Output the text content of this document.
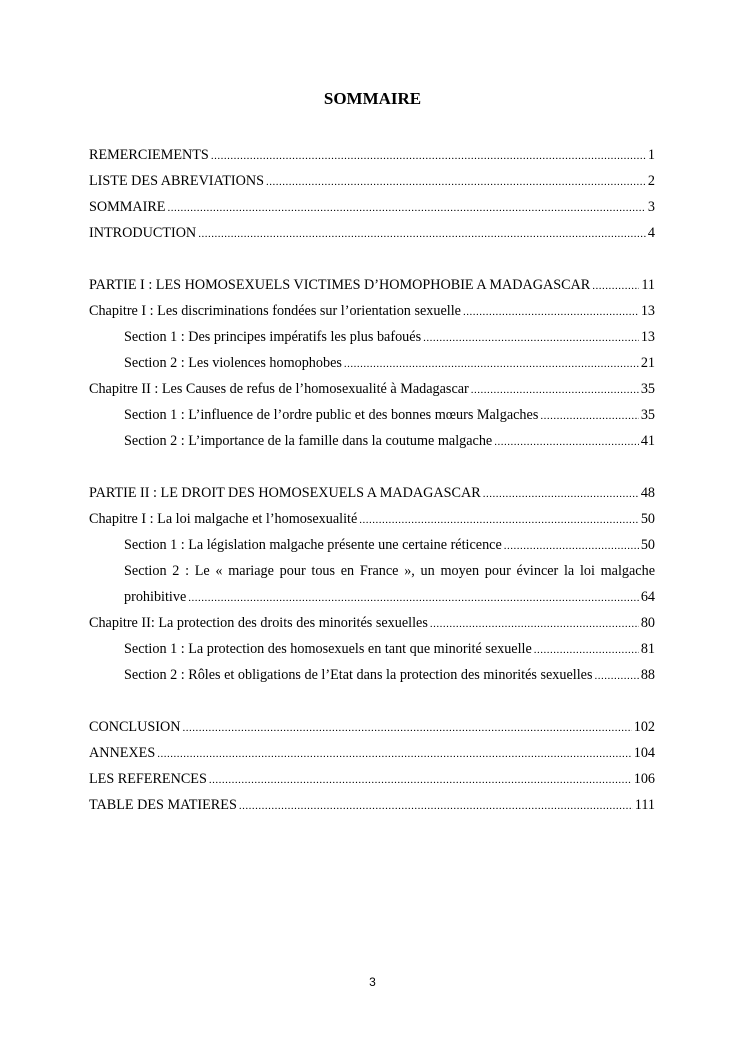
SOMMAIRE
REMERCIEMENTS .....	1
LISTE DES ABREVIATIONS .....	2
SOMMAIRE .....	3
INTRODUCTION .....	4
PARTIE I : LES HOMOSEXUELS VICTIMES D’HOMOPHOBIE A MADAGASCAR .....	11
Chapitre I : Les discriminations fondées sur l’orientation sexuelle .....	13
Section 1 : Des principes impératifs les plus bafoués .....	13
Section 2 : Les violences homophobes .....	21
Chapitre II : Les Causes de refus de l’homosexualité à Madagascar .....	35
Section 1 : L’influence de l’ordre public et des bonnes mœurs Malgaches .....	35
Section 2 : L’importance de la famille dans la coutume malgache .....	41
PARTIE II : LE DROIT DES HOMOSEXUELS A MADAGASCAR .....	48
Chapitre I : La loi malgache et l’homosexualité .....	50
Section 1 : La législation malgache présente une certaine réticence .....	50
Section 2 : Le « mariage pour tous en France », un moyen pour évincer la loi malgache
prohibitive .....	64
Chapitre II: La protection des droits des minorités sexuelles .....	80
Section 1 : La protection des homosexuels en tant que minorité sexuelle .....	81
Section 2 : Rôles et obligations de l’Etat dans la protection des minorités sexuelles .....	88
CONCLUSION .....	102
ANNEXES .....	104
LES REFERENCES .....	106
TABLE DES MATIERES .....	111
3
